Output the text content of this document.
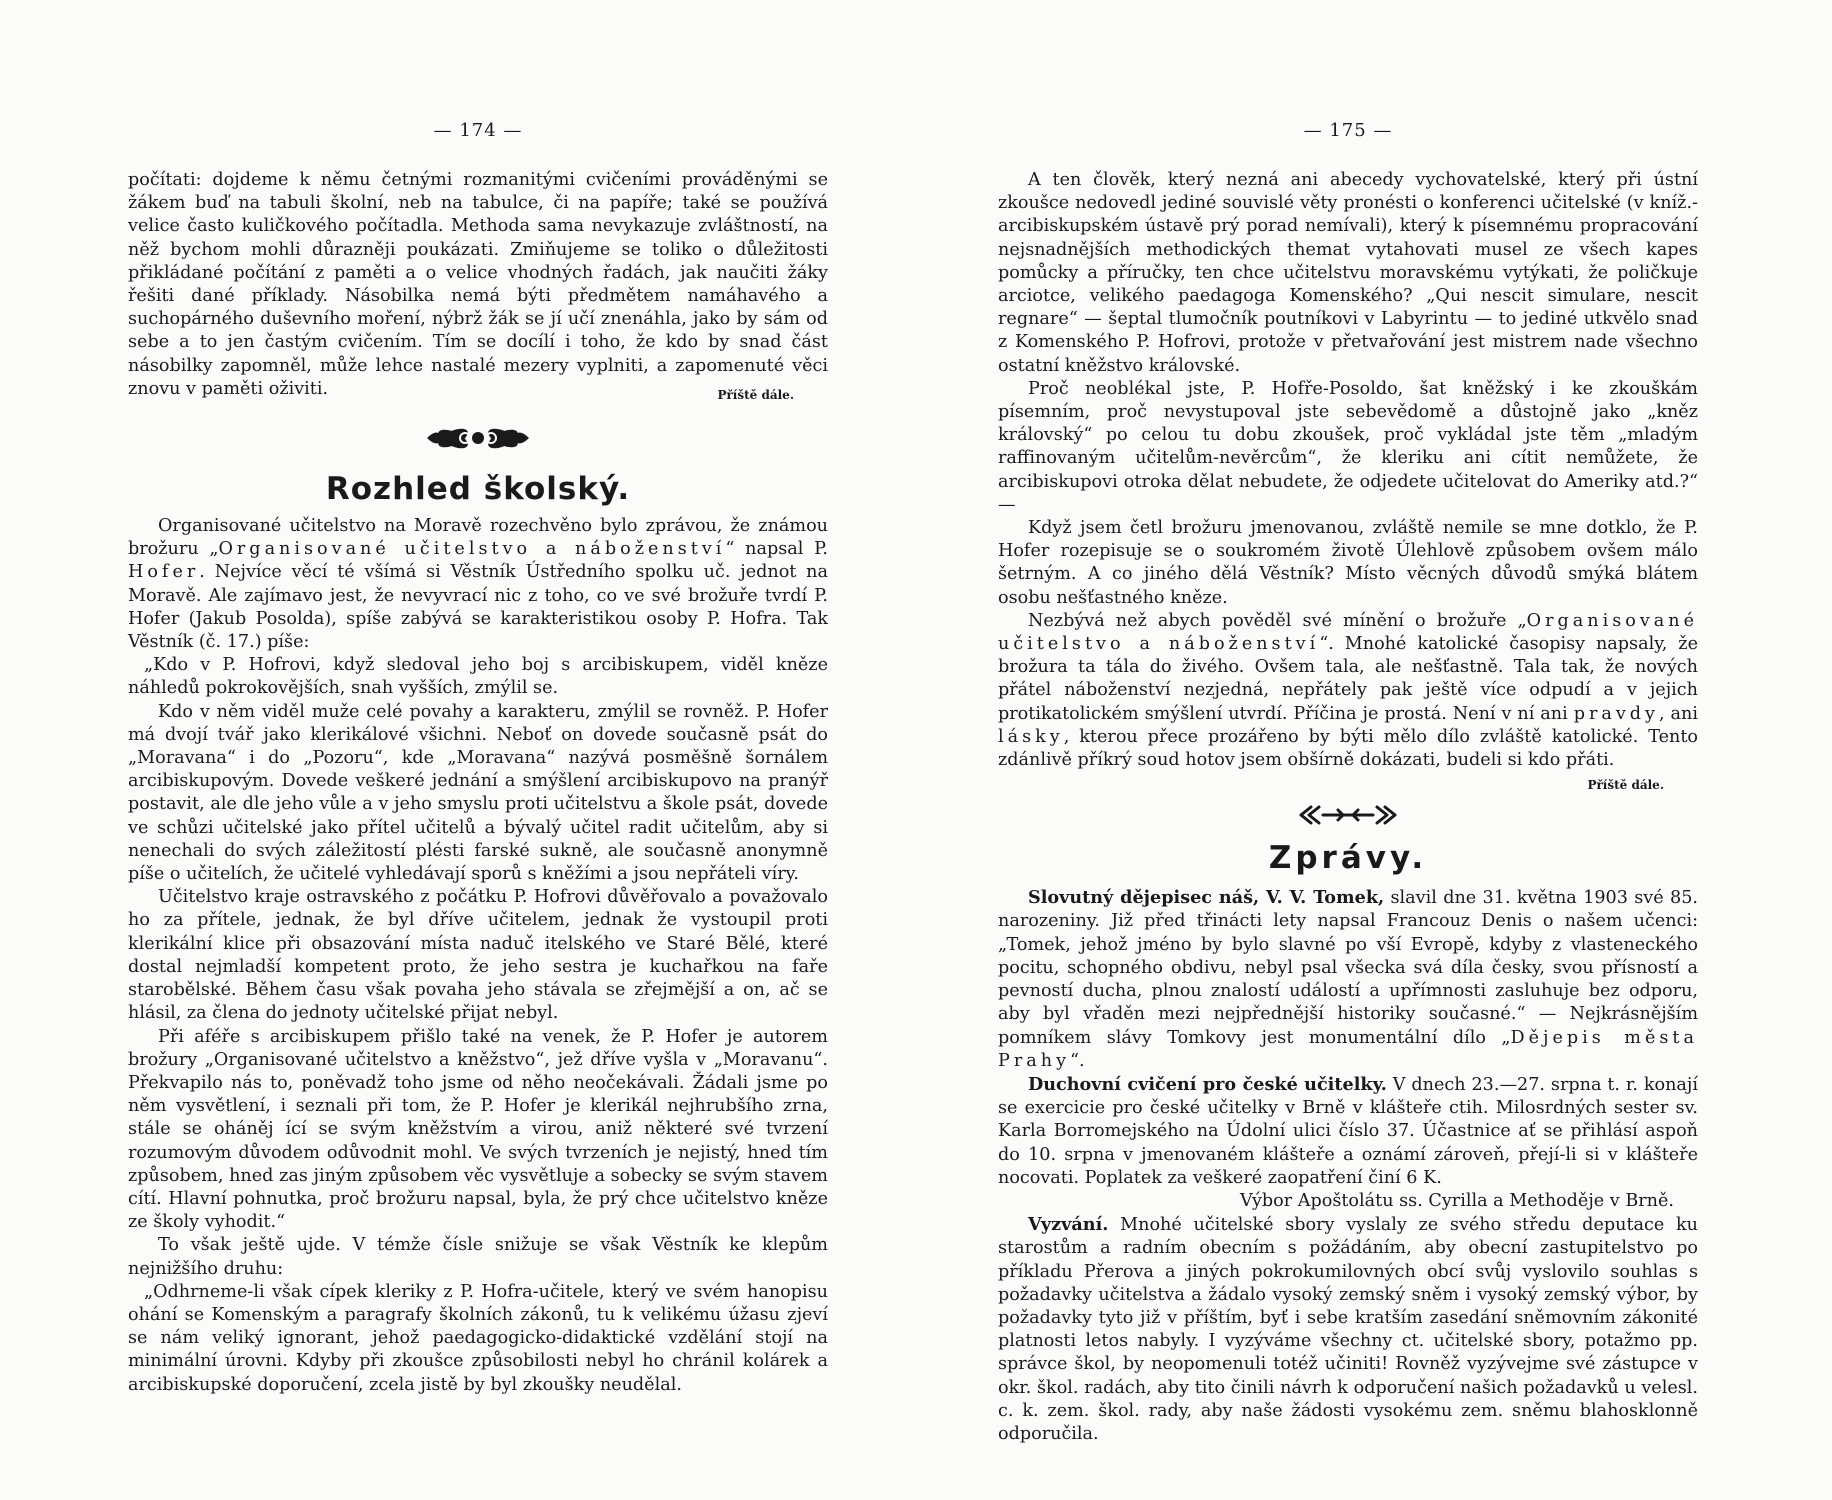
— 174 —

počítati: dojdeme k němu četnými rozmanitými cvičeními prováděnými se žákem buď na tabuli školní, neb na tabulce, či na papíře; také se používá velice často kuličkového počítadla. Methoda sama nevykazuje zvláštností, na něž bychom mohli důrazněji poukázati. Zmiňujeme se toliko o důležitosti přikládané počítání z paměti a o velice vhodných řadách, jak naučiti žáky řešiti dané příklady. Násobilka nemá býti předmětem namáhavého a suchopárného duševního moření, nýbrž žák se jí učí znenáhla, jako by sám od sebe a to jen častým cvičením. Tím se docílí i toho, že kdo by snad část násobilky zapomněl, může lehce nastalé mezery vyplniti, a zapomenuté věci znovu v paměti oživiti.	Příště dále.

Rozhled školský.

Organisované učitelstvo na Moravě rozechvěno bylo zprávou, že známou brožuru „Organisované učitelstvo a náboženství“ napsal P. Hofer. Nejvíce věcí té všímá si Věstník Ústředního spolku uč. jednot na Moravě. Ale zajímavo jest, že nevyvrací nic z toho, co ve své brožuře tvrdí P. Hofer (Jakub Posolda), spíše zabývá se karakteristikou osoby P. Hofra. Tak Věstník (č. 17.) píše:

„Kdo v P. Hofrovi, když sledoval jeho boj s arcibiskupem, viděl kněze náhledů pokrokovějších, snah vyšších, zmýlil se.

Kdo v něm viděl muže celé povahy a karakteru, zmýlil se rovněž. P. Hofer má dvojí tvář jako klerikálové všichni. Neboť on dovede současně psát do „Moravana“ i do „Pozoru“, kde „Moravana“ nazývá posměšně šornálem arcibiskupovým. Dovede veškeré jednání a smýšlení arcibiskupovo na pranýř postavit, ale dle jeho vůle a v jeho smyslu proti učitelstvu a škole psát, dovede ve schůzi učitelské jako přítel učitelů a bývalý učitel radit učitelům, aby si nenechali do svých záležitostí plésti farské sukně, ale současně anonymně píše o učitelích, že učitelé vyhledávají sporů s kněžími a jsou nepřáteli víry.

Učitelstvo kraje ostravského z počátku P. Hofrovi důvěřovalo a považovalo ho za přítele, jednak, že byl dříve učitelem, jednak že vystoupil proti klerikální klice při obsazování místa naduč itelského ve Staré Bělé, které dostal nejmladší kompetent proto, že jeho sestra je kuchařkou na faře starobělské. Během času však povaha jeho stávala se zřejmější a on, ač se hlásil, za člena do jednoty učitelské přijat nebyl.

Při aféře s arcibiskupem přišlo také na venek, že P. Hofer je autorem brožury „Organisované učitelstvo a kněžstvo“, jež dříve vyšla v „Moravanu“. Překvapilo nás to, poněvadž toho jsme od něho neočekávali. Žádali jsme po něm vysvětlení, i seznali při tom, že P. Hofer je klerikál nejhrubšího zrna, stále se oháněj ící se svým kněžstvím a virou, aniž některé své tvrzení rozumovým důvodem odůvodnit mohl. Ve svých tvrzeních je nejistý, hned tím způsobem, hned zas jiným způsobem věc vysvětluje a sobecky se svým stavem cítí. Hlavní pohnutka, proč brožuru napsal, byla, že prý chce učitelstvo kněze ze školy vyhodit.“

To však ještě ujde. V témže čísle snižuje se však Věstník ke klepům nejnižšího druhu:

„Odhrneme-li však cípek kleriky z P. Hofra-učitele, který ve svém hanopisu ohání se Komenským a paragrafy školních zákonů, tu k velikému úžasu zjeví se nám veliký ignorant, jehož paedagogicko-didaktické vzdělání stojí na minimální úrovni. Kdyby při zkoušce způsobilosti nebyl ho chránil kolárek a arcibiskupské doporučení, zcela jistě by byl zkoušky neudělal.

— 175 —

A ten člověk, který nezná ani abecedy vychovatelské, který při ústní zkoušce nedovedl jediné souvislé věty pronésti o konferenci učitelské (v kníž.-arcibiskupském ústavě prý porad nemívali), který k písemnému propracování nejsnadnějších methodických themat vytahovati musel ze všech kapes pomůcky a příručky, ten chce učitelstvu moravskému vytýkati, že poličkuje arciotce, velikého paedagoga Komenského? „Qui nescit simulare, nescit regnare“ — šeptal tlumočník poutníkovi v Labyrintu — to jediné utkvělo snad z Komenského P. Hofrovi, protože v přetvařování jest mistrem nade všechno ostatní kněžstvo královské.

Proč neoblékal jste, P. Hofře-Posoldo, šat kněžský i ke zkouškám písemním, proč nevystupoval jste sebevědomě a důstojně jako „kněz královský“ po celou tu dobu zkoušek, proč vykládal jste těm „mladým raffinovaným učitelům-nevěrcům“, že kleriku ani cítit nemůžete, že arcibiskupovi otroka dělat nebudete, že odjedete učitelovat do Ameriky atd.?“ —

Když jsem četl brožuru jmenovanou, zvláště nemile se mne dotklo, že P. Hofer rozepisuje se o soukromém životě Úlehlově způsobem ovšem málo šetrným. A co jiného dělá Věstník? Místo věcných důvodů smýká blátem osobu nešťastného kněze.

Nezbývá než abych pověděl své mínění o brožuře „Organisované učitelstvo a náboženství“. Mnohé katolické časopisy napsaly, že brožura ta tála do živého. Ovšem tala, ale nešťastně. Tala tak, že nových přátel náboženství nezjedná, nepřátely pak ještě více odpudí a v jejich protikatolickém smýšlení utvrdí. Příčina je prostá. Není v ní ani pravdy, ani lásky, kterou přece prozářeno by býti mělo dílo zvláště katolické. Tento zdánlivě příkrý soud hotov jsem obšírně dokázati, budeli si kdo přáti.

Příště dále.
Zprávy.

Slovutný dějepisec náš, V. V. Tomek, slavil dne 31. května 1903 své 85. narozeniny. Již před třinácti lety napsal Francouz Denis o našem učenci: „Tomek, jehož jméno by bylo slavné po vší Evropě, kdyby z vlasteneckého pocitu, schopného obdivu, nebyl psal všecka svá díla česky, svou přísností a pevností ducha, plnou znalostí událostí a upřímnosti zasluhuje bez odporu, aby byl vřaděn mezi nejpřednější historiky současné.“ — Nejkrásnějším pomníkem slávy Tomkovy jest monumentální dílo „Dějepis města Prahy“.

Duchovní cvičení pro české učitelky. V dnech 23.—27. srpna t. r. konají se exercicie pro české učitelky v Brně v klášteře ctih. Milosrdných sester sv. Karla Borromejského na Údolní ulici číslo 37. Účastnice ať se přihlásí aspoň do 10. srpna v jmenovaném klášteře a oznámí zároveň, přejí-li si v klášteře nocovati. Poplatek za veškeré zaopatření činí 6 K.

Výbor Apoštolátu ss. Cyrilla a Methoděje v Brně.

Vyzvání. Mnohé učitelské sbory vyslaly ze svého středu deputace ku starostům a radním obecním s požádáním, aby obecní zastupitelstvo po příkladu Přerova a jiných pokrokumilovných obcí svůj vyslovilo souhlas s požadavky učitelstva a žádalo vysoký zemský sněm i vysoký zemský výbor, by požadavky tyto již v příštím, byť i sebe kratším zasedání sněmovním zákonité platnosti letos nabyly. I vyzýváme všechny ct. učitelské sbory, potažmo pp. správce škol, by neopomenuli totéž učiniti! Rovněž vyzývejme své zástupce v okr. škol. radách, aby tito činili návrh k odporučení našich požadavků u velesl. c. k. zem. škol. rady, aby naše žádosti vysokému zem. sněmu blahosklonně odporučila.
